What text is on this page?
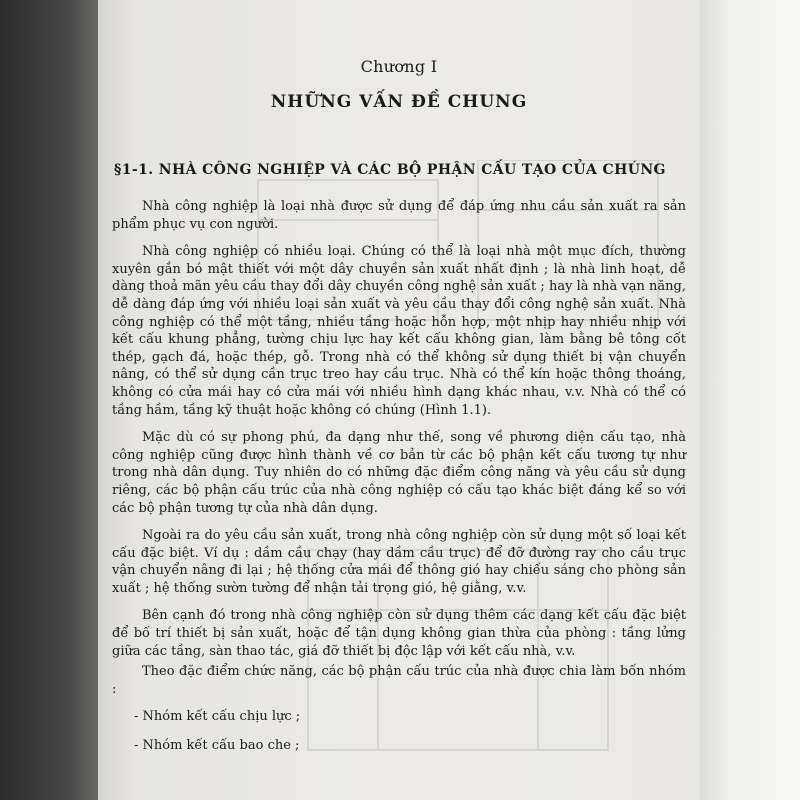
Chương I
NHỮNG VẤN ĐỀ CHUNG
§1-1. NHÀ CÔNG NGHIỆP VÀ CÁC BỘ PHẬN CẤU TẠO CỦA CHÚNG

Nhà công nghiệp là loại nhà được sử dụng để đáp ứng nhu cầu sản xuất ra sản phẩm phục vụ con người.

Nhà công nghiệp có nhiều loại. Chúng có thể là loại nhà một mục đích, thường xuyên gắn bó mật thiết với một dây chuyền sản xuất nhất định ; là nhà linh hoạt, dễ dàng thoả mãn yêu cầu thay đổi dây chuyền công nghệ sản xuất ; hay là nhà vạn năng, dễ dàng đáp ứng với nhiều loại sản xuất và yêu cầu thay đổi công nghệ sản xuất. Nhà công nghiệp có thể một tầng, nhiều tầng hoặc hỗn hợp, một nhịp hay nhiều nhịp với kết cấu khung phẳng, tường chịu lực hay kết cấu không gian, làm bằng bê tông cốt thép, gạch đá, hoặc thép, gỗ. Trong nhà có thể không sử dụng thiết bị vận chuyển nâng, có thể sử dụng cần trục treo hay cầu trục. Nhà có thể kín hoặc thông thoáng, không có cửa mái hay có cửa mái với nhiều hình dạng khác nhau, v.v. Nhà có thể có tầng hầm, tầng kỹ thuật hoặc không có chúng (Hình 1.1).

Mặc dù có sự phong phú, đa dạng như thế, song về phương diện cấu tạo, nhà công nghiệp cũng được hình thành về cơ bản từ các bộ phận kết cấu tương tự như trong nhà dân dụng. Tuy nhiên do có những đặc điểm công năng và yêu cầu sử dụng riêng, các bộ phận cấu trúc của nhà công nghiệp có cấu tạo khác biệt đáng kể so với các bộ phận tương tự của nhà dân dụng.

Ngoài ra do yêu cầu sản xuất, trong nhà công nghiệp còn sử dụng một số loại kết cấu đặc biệt. Ví dụ : dầm cầu chạy (hay dầm cầu trục) để đỡ đường ray cho cầu trục vận chuyển nâng đi lại ; hệ thống cửa mái để thông gió hay chiếu sáng cho phòng sản xuất ; hệ thống sườn tường để nhận tải trọng gió, hệ giằng, v.v.

Bên cạnh đó trong nhà công nghiệp còn sử dụng thêm các dạng kết cấu đặc biệt để bố trí thiết bị sản xuất, hoặc để tận dụng không gian thừa của phòng : tầng lửng giữa các tầng, sàn thao tác, giá đỡ thiết bị độc lập với kết cấu nhà, v.v.

Theo đặc điểm chức năng, các bộ phận cấu trúc của nhà được chia làm bốn nhóm :

- Nhóm kết cấu chịu lực ;
- Nhóm kết cấu bao che ;
